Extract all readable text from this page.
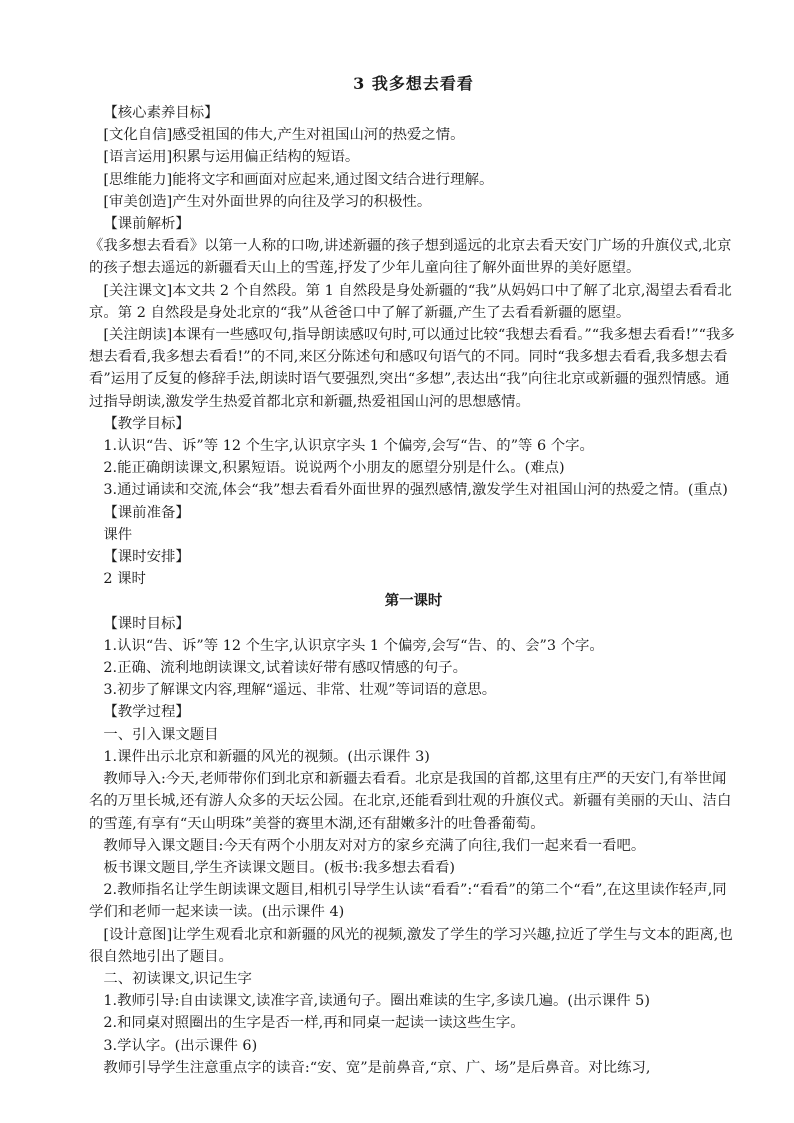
3 我多想去看看

【核心素养目标】

[文化自信]感受祖国的伟大,产生对祖国山河的热爱之情。

[语言运用]积累与运用偏正结构的短语。

[思维能力]能将文字和画面对应起来,通过图文结合进行理解。

[审美创造]产生对外面世界的向往及学习的积极性。

【课前解析】

《我多想去看看》以第一人称的口吻,讲述新疆的孩子想到遥远的北京去看天安门广场的升旗仪式,北京的孩子想去遥远的新疆看天山上的雪莲,抒发了少年儿童向往了解外面世界的美好愿望。

[关注课文]本文共 2 个自然段。第 1 自然段是身处新疆的“我”从妈妈口中了解了北京,渴望去看看北京。第 2 自然段是身处北京的“我”从爸爸口中了解了新疆,产生了去看看新疆的愿望。

[关注朗读]本课有一些感叹句,指导朗读感叹句时,可以通过比较“我想去看看。”“我多想去看看!”“我多想去看看,我多想去看看!”的不同,来区分陈述句和感叹句语气的不同。同时“我多想去看看,我多想去看看”运用了反复的修辞手法,朗读时语气要强烈,突出“多想”,表达出“我”向往北京或新疆的强烈情感。通过指导朗读,激发学生热爱首都北京和新疆,热爱祖国山河的思想感情。

【教学目标】

1.认识“告、诉”等 12 个生字,认识京字头 1 个偏旁,会写“告、的”等 6 个字。

2.能正确朗读课文,积累短语。说说两个小朋友的愿望分别是什么。(难点)

3.通过诵读和交流,体会“我”想去看看外面世界的强烈感情,激发学生对祖国山河的热爱之情。(重点)

【课前准备】

课件

【课时安排】

2 课时

第一课时

【课时目标】

1.认识“告、诉”等 12 个生字,认识京字头 1 个偏旁,会写“告、的、会”3 个字。

2.正确、流利地朗读课文,试着读好带有感叹情感的句子。

3.初步了解课文内容,理解“遥远、非常、壮观”等词语的意思。

【教学过程】

一、引入课文题目

1.课件出示北京和新疆的风光的视频。(出示课件 3)

教师导入:今天,老师带你们到北京和新疆去看看。北京是我国的首都,这里有庄严的天安门,有举世闻名的万里长城,还有游人众多的天坛公园。在北京,还能看到壮观的升旗仪式。新疆有美丽的天山、洁白的雪莲,有享有“天山明珠”美誉的赛里木湖,还有甜嫩多汁的吐鲁番葡萄。

教师导入课文题目:今天有两个小朋友对对方的家乡充满了向往,我们一起来看一看吧。

板书课文题目,学生齐读课文题目。(板书:我多想去看看)

2.教师指名让学生朗读课文题目,相机引导学生认读“看看”:“看看”的第二个“看”,在这里读作轻声,同学们和老师一起来读一读。(出示课件 4)

[设计意图]让学生观看北京和新疆的风光的视频,激发了学生的学习兴趣,拉近了学生与文本的距离,也很自然地引出了题目。

二、初读课文,识记生字

1.教师引导:自由读课文,读准字音,读通句子。圈出难读的生字,多读几遍。(出示课件 5)

2.和同桌对照圈出的生字是否一样,再和同桌一起读一读这些生字。

3.学认字。(出示课件 6)

教师引导学生注意重点字的读音:“安、宽”是前鼻音,“京、广、场”是后鼻音。对比练习,
